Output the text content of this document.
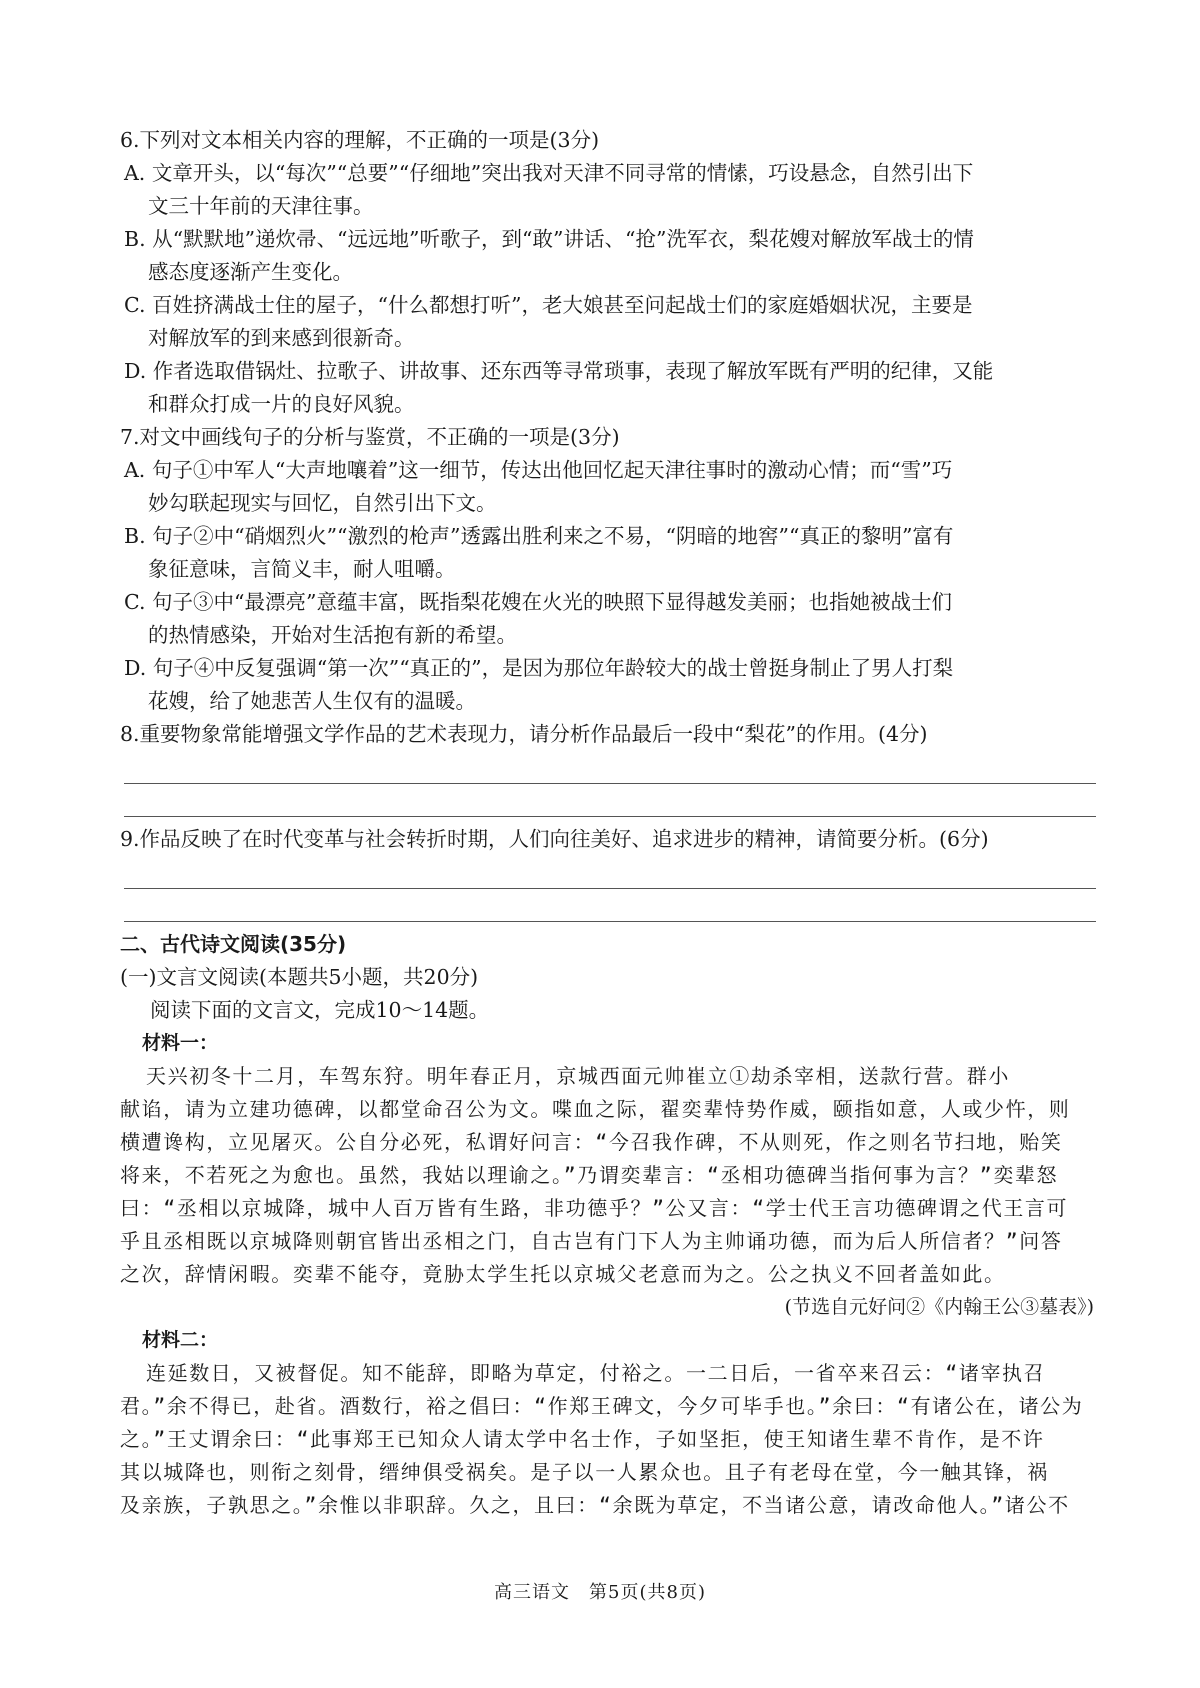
6.下列对文本相关内容的理解，不正确的一项是(3分)
A. 文章开头，以“每次”“总要”“仔细地”突出我对天津不同寻常的情愫，巧设悬念，自然引出下
文三十年前的天津往事。
B. 从“默默地”递炊帚、“远远地”听歌子，到“敢”讲话、“抢”洗军衣，梨花嫂对解放军战士的情
感态度逐渐产生变化。
C. 百姓挤满战士住的屋子，“什么都想打听”，老大娘甚至问起战士们的家庭婚姻状况，主要是
对解放军的到来感到很新奇。
D. 作者选取借锅灶、拉歌子、讲故事、还东西等寻常琐事，表现了解放军既有严明的纪律，又能
和群众打成一片的良好风貌。
7.对文中画线句子的分析与鉴赏，不正确的一项是(3分)
A. 句子①中军人“大声地嚷着”这一细节，传达出他回忆起天津往事时的激动心情；而“雪”巧
妙勾联起现实与回忆，自然引出下文。
B. 句子②中“硝烟烈火”“激烈的枪声”透露出胜利来之不易，“阴暗的地窖”“真正的黎明”富有
象征意味，言简义丰，耐人咀嚼。
C. 句子③中“最漂亮”意蕴丰富，既指梨花嫂在火光的映照下显得越发美丽；也指她被战士们
的热情感染，开始对生活抱有新的希望。
D. 句子④中反复强调“第一次”“真正的”，是因为那位年龄较大的战士曾挺身制止了男人打梨
花嫂，给了她悲苦人生仅有的温暖。
8.重要物象常能增强文学作品的艺术表现力，请分析作品最后一段中“梨花”的作用。(4分)
9.作品反映了在时代变革与社会转折时期，人们向往美好、追求进步的精神，请简要分析。(6分)
二、古代诗文阅读(35分)
(一)文言文阅读(本题共5小题，共20分)
阅读下面的文言文，完成10～14题。
材料一：
天兴初冬十二月，车驾东狩。明年春正月，京城西面元帅崔立①劫杀宰相，送款行营。群小
献谄，请为立建功德碑，以都堂命召公为文。喋血之际，翟奕辈恃势作威，颐指如意，人或少忤，则
横遭谗构，立见屠灭。公自分必死，私谓好问言：“今召我作碑，不从则死，作之则名节扫地，贻笑
将来，不若死之为愈也。虽然，我姑以理谕之。”乃谓奕辈言：“丞相功德碑当指何事为言？”奕辈怒
曰：“丞相以京城降，城中人百万皆有生路，非功德乎？”公又言：“学士代王言功德碑谓之代王言可
乎且丞相既以京城降则朝官皆出丞相之门，自古岂有门下人为主帅诵功德，而为后人所信者？”问答
之次，辞情闲暇。奕辈不能夺，竟胁太学生托以京城父老意而为之。公之执义不回者盖如此。
(节选自元好问②《内翰王公③墓表》)
材料二：
连延数日，又被督促。知不能辞，即略为草定，付裕之。一二日后，一省卒来召云：“诸宰执召
君。”余不得已，赴省。酒数行，裕之倡曰：“作郑王碑文，今夕可毕手也。”余曰：“有诸公在，诸公为
之。”王丈谓余曰：“此事郑王已知众人请太学中名士作，子如坚拒，使王知诸生辈不肯作，是不许
其以城降也，则衔之刻骨，缙绅俱受祸矣。是子以一人累众也。且子有老母在堂，今一触其锋，祸
及亲族，子孰思之。”余惟以非职辞。久之，且曰：“余既为草定，不当诸公意，请改命他人。”诸公不
高三语文　第5页(共8页)
